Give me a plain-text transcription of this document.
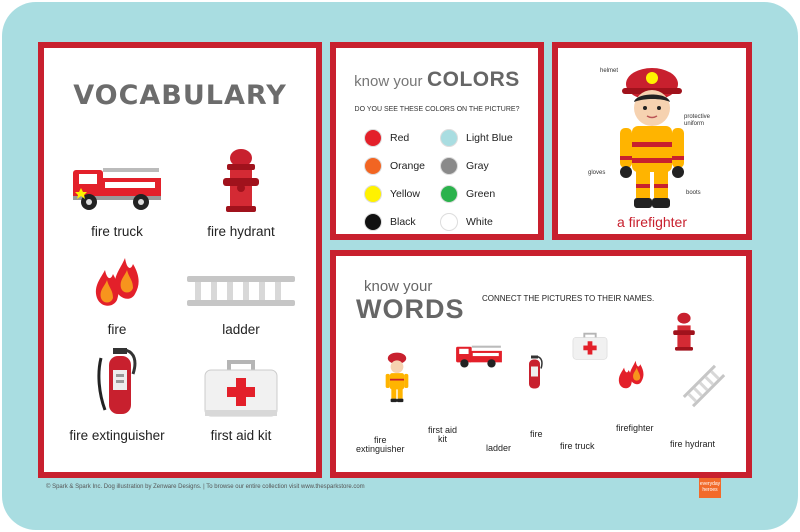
VOCABULARY
fire truck	fire hydrant
fire	ladder
fire extinguisher	first aid kit
know your COLORS
DO YOU SEE THESE COLORS ON THE PICTURE?
Red
Orange
Yellow
Black
Light Blue
Gray
Green
White
helmet
protective
uniform
gloves
boots
a firefighter
know your
WORDS CONNECT THE PICTURES TO THEIR NAMES.
fire
extinguisher
first aid
kit
ladder
fire
fire truck
firefighter
fire hydrant
© Spark & Spark Inc. Dog illustration by Zenware Designs. | To browse our entire collection visit www.thesparkstore.com	everyday heroes
